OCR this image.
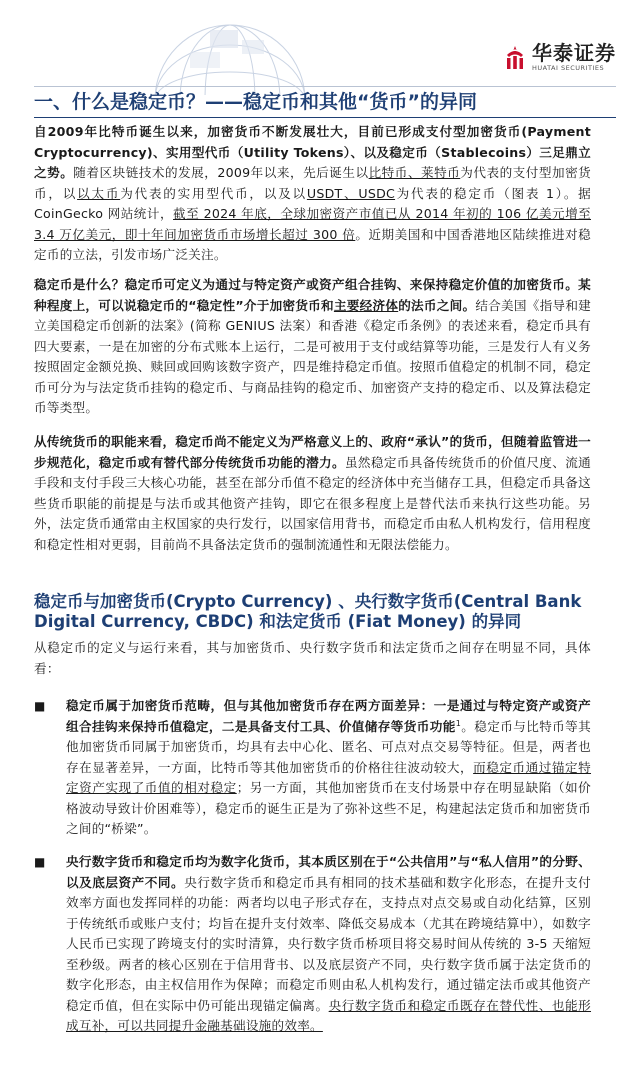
华泰证券
HUATAI SECURITIES
一、什么是稳定币？——稳定币和其他“货币”的异同

自2009年比特币诞生以来，加密货币不断发展壮大，目前已形成支付型加密货币(Payment Cryptocurrency)、实用型代币（Utility Tokens）、以及稳定币（Stablecoins）三足鼎立之势。随着区块链技术的发展，2009年以来，先后诞生以比特币、莱特币为代表的支付型加密货币，以以太币为代表的实用型代币，以及以USDT、USDC为代表的稳定币（图表 1）。据 CoinGecko 网站统计，截至 2024 年底，全球加密资产市值已从 2014 年初的 106 亿美元增至 3.4 万亿美元，即十年间加密货币市场增长超过 300 倍。近期美国和中国香港地区陆续推进对稳定币的立法，引发市场广泛关注。

稳定币是什么？稳定币可定义为通过与特定资产或资产组合挂钩、来保持稳定价值的加密货币。某种程度上，可以说稳定币的“稳定性”介于加密货币和主要经济体的法币之间。结合美国《指导和建立美国稳定币创新的法案》(简称 GENIUS 法案）和香港《稳定币条例》的表述来看，稳定币具有四大要素，一是在加密的分布式账本上运行，二是可被用于支付或结算等功能，三是发行人有义务按照固定金额兑换、赎回或回购该数字资产，四是维持稳定币值。按照币值稳定的机制不同，稳定币可分为与法定货币挂钩的稳定币、与商品挂钩的稳定币、加密资产支持的稳定币、以及算法稳定币等类型。

从传统货币的职能来看，稳定币尚不能定义为严格意义上的、政府“承认”的货币，但随着监管进一步规范化，稳定币或有替代部分传统货币功能的潜力。虽然稳定币具备传统货币的价值尺度、流通手段和支付手段三大核心功能，甚至在部分币值不稳定的经济体中充当储存工具，但稳定币具备这些货币职能的前提是与法币或其他资产挂钩，即它在很多程度上是替代法币来执行这些功能。另外，法定货币通常由主权国家的央行发行，以国家信用背书，而稳定币由私人机构发行，信用程度和稳定性相对更弱，目前尚不具备法定货币的强制流通性和无限法偿能力。

稳定币与加密货币(Crypto Currency) 、央行数字货币(Central Bank Digital Currency, CBDC) 和法定货币 (Fiat Money) 的异同

从稳定币的定义与运行来看，其与加密货币、央行数字货币和法定货币之间存在明显不同，具体看：

■ 稳定币属于加密货币范畴，但与其他加密货币存在两方面差异：一是通过与特定资产或资产组合挂钩来保持币值稳定，二是具备支付工具、价值储存等货币功能$^1$。稳定币与比特币等其他加密货币同属于加密货币，均具有去中心化、匿名、可点对点交易等特征。但是，两者也存在显著差异，一方面，比特币等其他加密货币的价格往往波动较大，而稳定币通过锚定特定资产实现了币值的相对稳定；另一方面，其他加密货币在支付场景中存在明显缺陷（如价格波动导致计价困难等），稳定币的诞生正是为了弥补这些不足，构建起法定货币和加密货币之间的“桥梁”。

■ 央行数字货币和稳定币均为数字化货币，其本质区别在于“公共信用”与“私人信用”的分野、以及底层资产不同。央行数字货币和稳定币具有相同的技术基础和数字化形态，在提升支付效率方面也发挥同样的功能：两者均以电子形式存在，支持点对点交易或自动化结算，区别于传统纸币或账户支付；均旨在提升支付效率、降低交易成本（尤其在跨境结算中），如数字人民币已实现了跨境支付的实时清算，央行数字货币桥项目将交易时间从传统的 3-5 天缩短至秒级。两者的核心区别在于信用背书、以及底层资产不同，央行数字货币属于法定货币的数字化形态，由主权信用作为保障；而稳定币则由私人机构发行，通过锚定法币或其他资产稳定币值，但在实际中仍可能出现锚定偏离。央行数字货币和稳定币既存在替代性、也能形成互补，可以共同提升金融基础设施的效率。
